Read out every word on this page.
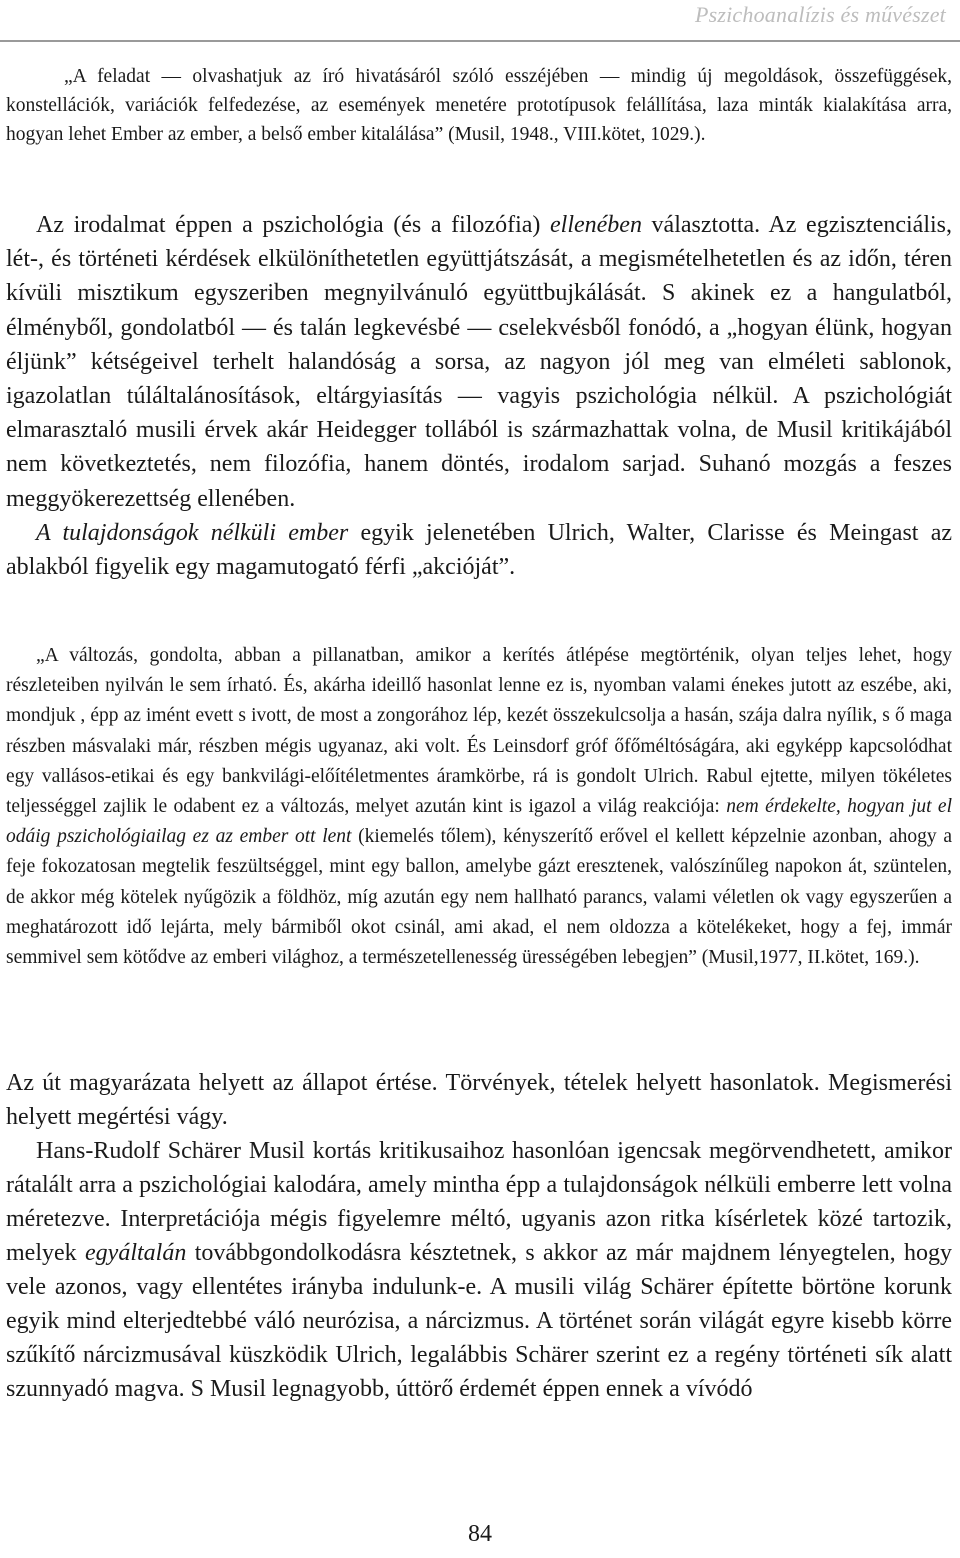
Pszichoanalízis és művészet

„A feladat — olvashatjuk az író hivatásáról szóló esszéjében — mindig új megoldások, összefüggések, konstellációk, variációk felfedezése, az események menetére prototípusok felállítása, laza minták kialakítása arra, hogyan lehet Ember az ember, a belső ember kitalálása” (Musil, 1948., VIII.kötet, 1029.).

Az irodalmat éppen a pszichológia (és a filozófia) ellenében választotta. Az egzisztenciális, lét-, és történeti kérdések elkülöníthetetlen együttjátszását, a megismételhetetlen és az időn, téren kívüli misztikum egyszeriben megnyilvánuló együttbujkálását. S akinek ez a hangulatból, élményből, gondolatból — és talán legkevésbé — cselekvésből fonódó, a „hogyan élünk, hogyan éljünk” kétségeivel terhelt halandóság a sorsa, az nagyon jól meg van elméleti sablonok, igazolatlan túláltalánosítások, eltárgyiasítás — vagyis pszichológia nélkül. A pszichológiát elmarasztaló musili érvek akár Heidegger tollából is származhattak volna, de Musil kritikájából nem következtetés, nem filozófia, hanem döntés, irodalom sarjad. Suhanó mozgás a feszes meggyökerezettség ellenében.

A tulajdonságok nélküli ember egyik jelenetében Ulrich, Walter, Clarisse és Meingast az ablakból figyelik egy magamutogató férfi „akcióját”.

„A változás, gondolta, abban a pillanatban, amikor a kerítés átlépése megtörténik, olyan teljes lehet, hogy részleteiben nyilván le sem írható. És, akárha ideillő hasonlat lenne ez is, nyomban valami énekes jutott az eszébe, aki, mondjuk , épp az imént evett s ivott, de most a zongorához lép, kezét összekulcsolja a hasán, szája dalra nyílik, s ő maga részben másvalaki már, részben mégis ugyanaz, aki volt. És Leinsdorf gróf őfőméltóságára, aki egyképp kapcsolódhat egy vallásos-etikai és egy bankvilági-előítéletmentes áramkörbe, rá is gondolt Ulrich. Rabul ejtette, milyen tökéletes teljességgel zajlik le odabent ez a változás, melyet azután kint is igazol a világ reakciója: nem érdekelte, hogyan jut el odáig pszichológiailag ez az ember ott lent (kiemelés tőlem), kényszerítő erővel el kellett képzelnie azonban, ahogy a feje fokozatosan megtelik feszültséggel, mint egy ballon, amelybe gázt eresztenek, valószínűleg napokon át, szüntelen, de akkor még kötelek nyűgözik a földhöz, míg azután egy nem hallható parancs, valami véletlen ok vagy egyszerűen a meghatározott idő lejárta, mely bármiből okot csinál, ami akad, el nem oldozza a kötelékeket, hogy a fej, immár semmivel sem kötődve az emberi világhoz, a természetellenesség ürességében lebegjen” (Musil,1977, II.kötet, 169.).

Az út magyarázata helyett az állapot értése. Törvények, tételek helyett hasonlatok. Megismerési helyett megértési vágy.

Hans-Rudolf Schärer Musil kortás kritikusaihoz hasonlóan igencsak megörvendhetett, amikor rátalált arra a pszichológiai kalodára, amely mintha épp a tulajdonságok nélküli emberre lett volna méretezve. Interpretációja mégis figyelemre méltó, ugyanis azon ritka kísérletek közé tartozik, melyek egyáltalán továbbgondolkodásra késztetnek, s akkor az már majdnem lényegtelen, hogy vele azonos, vagy ellentétes irányba indulunk-e. A musili világ Schärer építette börtöne korunk egyik mind elterjedtebbé váló neurózisa, a nárcizmus. A történet során világát egyre kisebb körre szűkítő nárcizmusával küszködik Ulrich, legalábbis Schärer szerint ez a regény történeti sík alatt szunnyadó magva. S Musil legnagyobb, úttörő érdemét éppen ennek a vívódó

84
